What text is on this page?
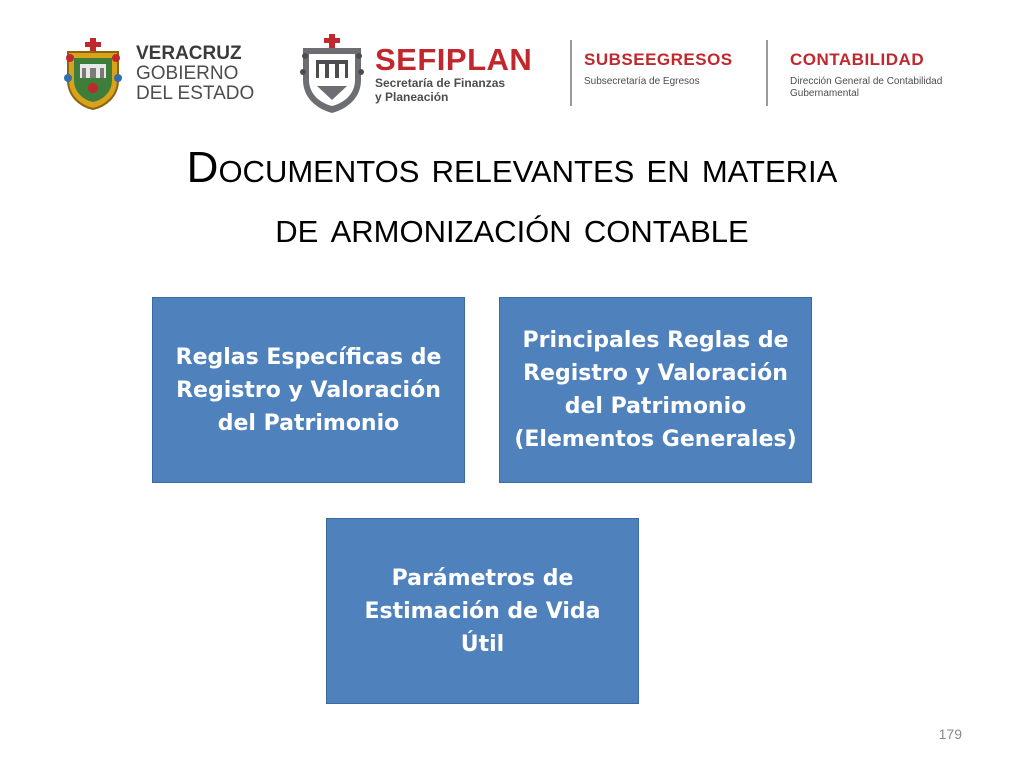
VERACRUZ
GOBIERNO
DEL ESTADO
SEFIPLAN
Secretaría de Finanzas
y Planeación
SUBSEEGRESOS
Subsecretaría de Egresos
CONTABILIDAD
Dirección General de Contabilidad
Gubernamental
Documentos relevantes en materia
de armonización contable
Reglas Específicas de
Registro y Valoración
del Patrimonio
Principales Reglas de
Registro y Valoración
del Patrimonio
(Elementos Generales)
Parámetros de
Estimación de Vida
Útil
179
